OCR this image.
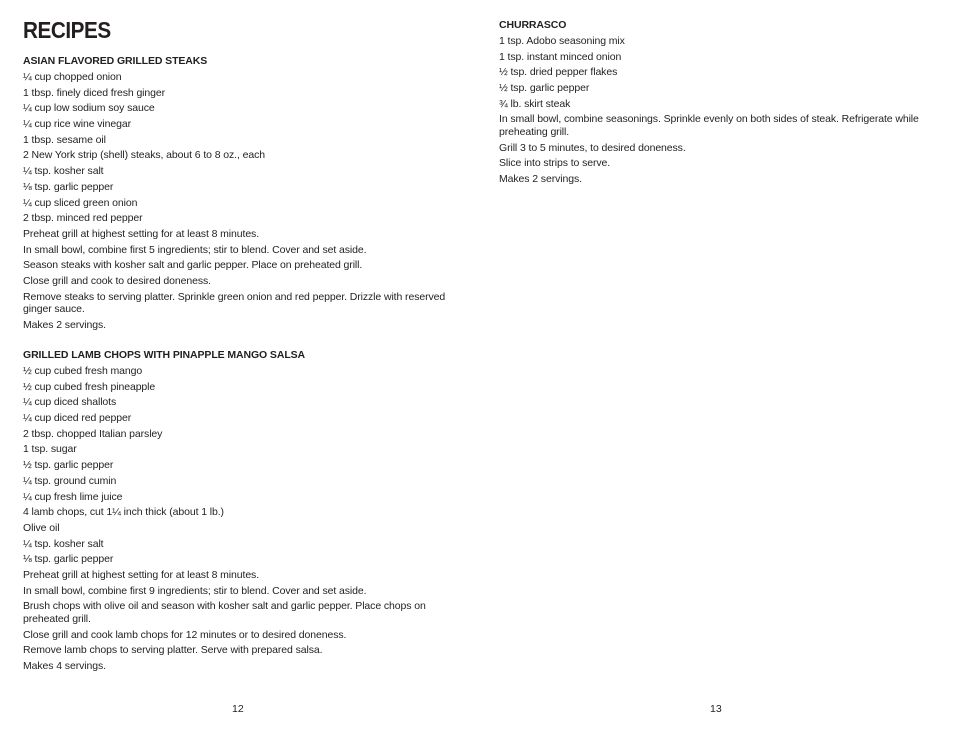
RECIPES
ASIAN FLAVORED GRILLED STEAKS
¼ cup chopped onion
1 tbsp. finely diced fresh ginger
¼ cup low sodium soy sauce
¼ cup rice wine vinegar
1 tbsp. sesame oil
2 New York strip (shell) steaks, about 6 to 8 oz., each
¼ tsp. kosher salt
⅛ tsp. garlic pepper
¼ cup sliced green onion
2 tbsp. minced red pepper
Preheat grill at highest setting for at least 8 minutes.
In small bowl, combine first 5 ingredients; stir to blend. Cover and set aside.
Season steaks with kosher salt and garlic pepper. Place on preheated grill.
Close grill and cook to desired doneness.
Remove steaks to serving platter. Sprinkle green onion and red pepper. Drizzle with reserved ginger sauce.
Makes 2 servings.
GRILLED LAMB CHOPS WITH PINAPPLE MANGO SALSA
½ cup cubed fresh mango
½ cup cubed fresh pineapple
¼ cup diced shallots
¼ cup diced red pepper
2 tbsp. chopped Italian parsley
1 tsp. sugar
½ tsp. garlic pepper
¼ tsp. ground cumin
¼ cup fresh lime juice
4 lamb chops, cut 1¼ inch thick (about 1 lb.)
Olive oil
¼ tsp. kosher salt
⅛ tsp. garlic pepper
Preheat grill at highest setting for at least 8 minutes.
In small bowl, combine first 9 ingredients; stir to blend. Cover and set aside.
Brush chops with olive oil and season with kosher salt and garlic pepper. Place chops on preheated grill.
Close grill and cook lamb chops for 12 minutes or to desired doneness.
Remove lamb chops to serving platter. Serve with prepared salsa.
Makes 4 servings.
12
CHURRASCO
1 tsp. Adobo seasoning mix
1 tsp. instant minced onion
½ tsp. dried pepper flakes
½ tsp. garlic pepper
¾ lb. skirt steak
In small bowl, combine seasonings. Sprinkle evenly on both sides of steak. Refrigerate while preheating grill.
Grill 3 to 5 minutes, to desired doneness.
Slice into strips to serve.
Makes 2 servings.
13
